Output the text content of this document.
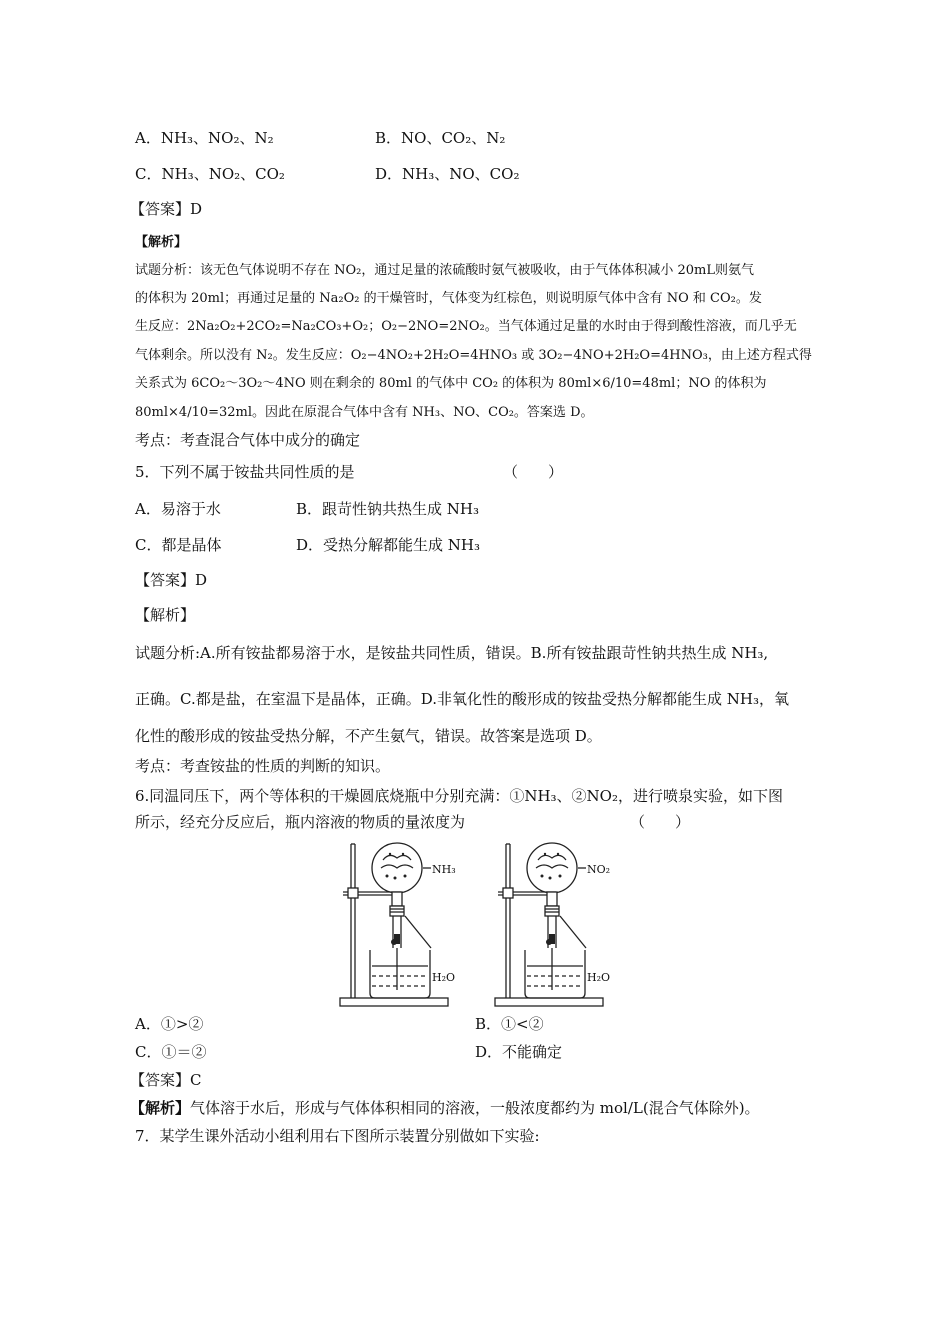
A．NH₃、NO₂、N₂	B．NO、CO₂、N₂
C．NH₃、NO₂、CO₂	D．NH₃、NO、CO₂
【答案】D
【解析】
试题分析：该无色气体说明不存在 NO₂，通过足量的浓硫酸时氨气被吸收，由于气体体积减小 20mL则氨气
的体积为 20ml；再通过足量的 Na₂O₂ 的干燥管时，气体变为红棕色，则说明原气体中含有 NO 和 CO₂。发
生反应：2Na₂O₂+2CO₂=Na₂CO₃+O₂；O₂−2NO=2NO₂。当气体通过足量的水时由于得到酸性溶液，而几乎无
气体剩余。所以没有 N₂。发生反应：O₂−4NO₂+2H₂O=4HNO₃ 或 3O₂−4NO+2H₂O=4HNO₃，由上述方程式得
关系式为 6CO₂～3O₂～4NO 则在剩余的 80ml 的气体中 CO₂ 的体积为 80ml×6/10=48ml；NO 的体积为
80ml×4/10=32ml。因此在原混合气体中含有 NH₃、NO、CO₂。答案选 D。
考点：考查混合气体中成分的确定
5．下列不属于铵盐共同性质的是	（　　）
A．易溶于水	B．跟苛性钠共热生成 NH₃
C．都是晶体	D．受热分解都能生成 NH₃
【答案】D
【解析】
试题分析:A.所有铵盐都易溶于水，是铵盐共同性质，错误。B.所有铵盐跟苛性钠共热生成 NH₃,
正确。C.都是盐，在室温下是晶体，正确。D.非氧化性的酸形成的铵盐受热分解都能生成 NH₃，氧
化性的酸形成的铵盐受热分解，不产生氨气，错误。故答案是选项 D。
考点：考查铵盐的性质的判断的知识。
6.同温同压下，两个等体积的干燥圆底烧瓶中分别充满：①NH₃、②NO₂，进行喷泉实验，如下图
所示，经充分反应后，瓶内溶液的物质的量浓度为	（　　）
NH₃	NO₂
H₂O	H₂O
A．①>②	B．①<②
C．①＝②	D．不能确定
【答案】C
【解析】气体溶于水后，形成与气体体积相同的溶液，一般浓度都约为 mol/L(混合气体除外)。
7．某学生课外活动小组利用右下图所示装置分别做如下实验:
